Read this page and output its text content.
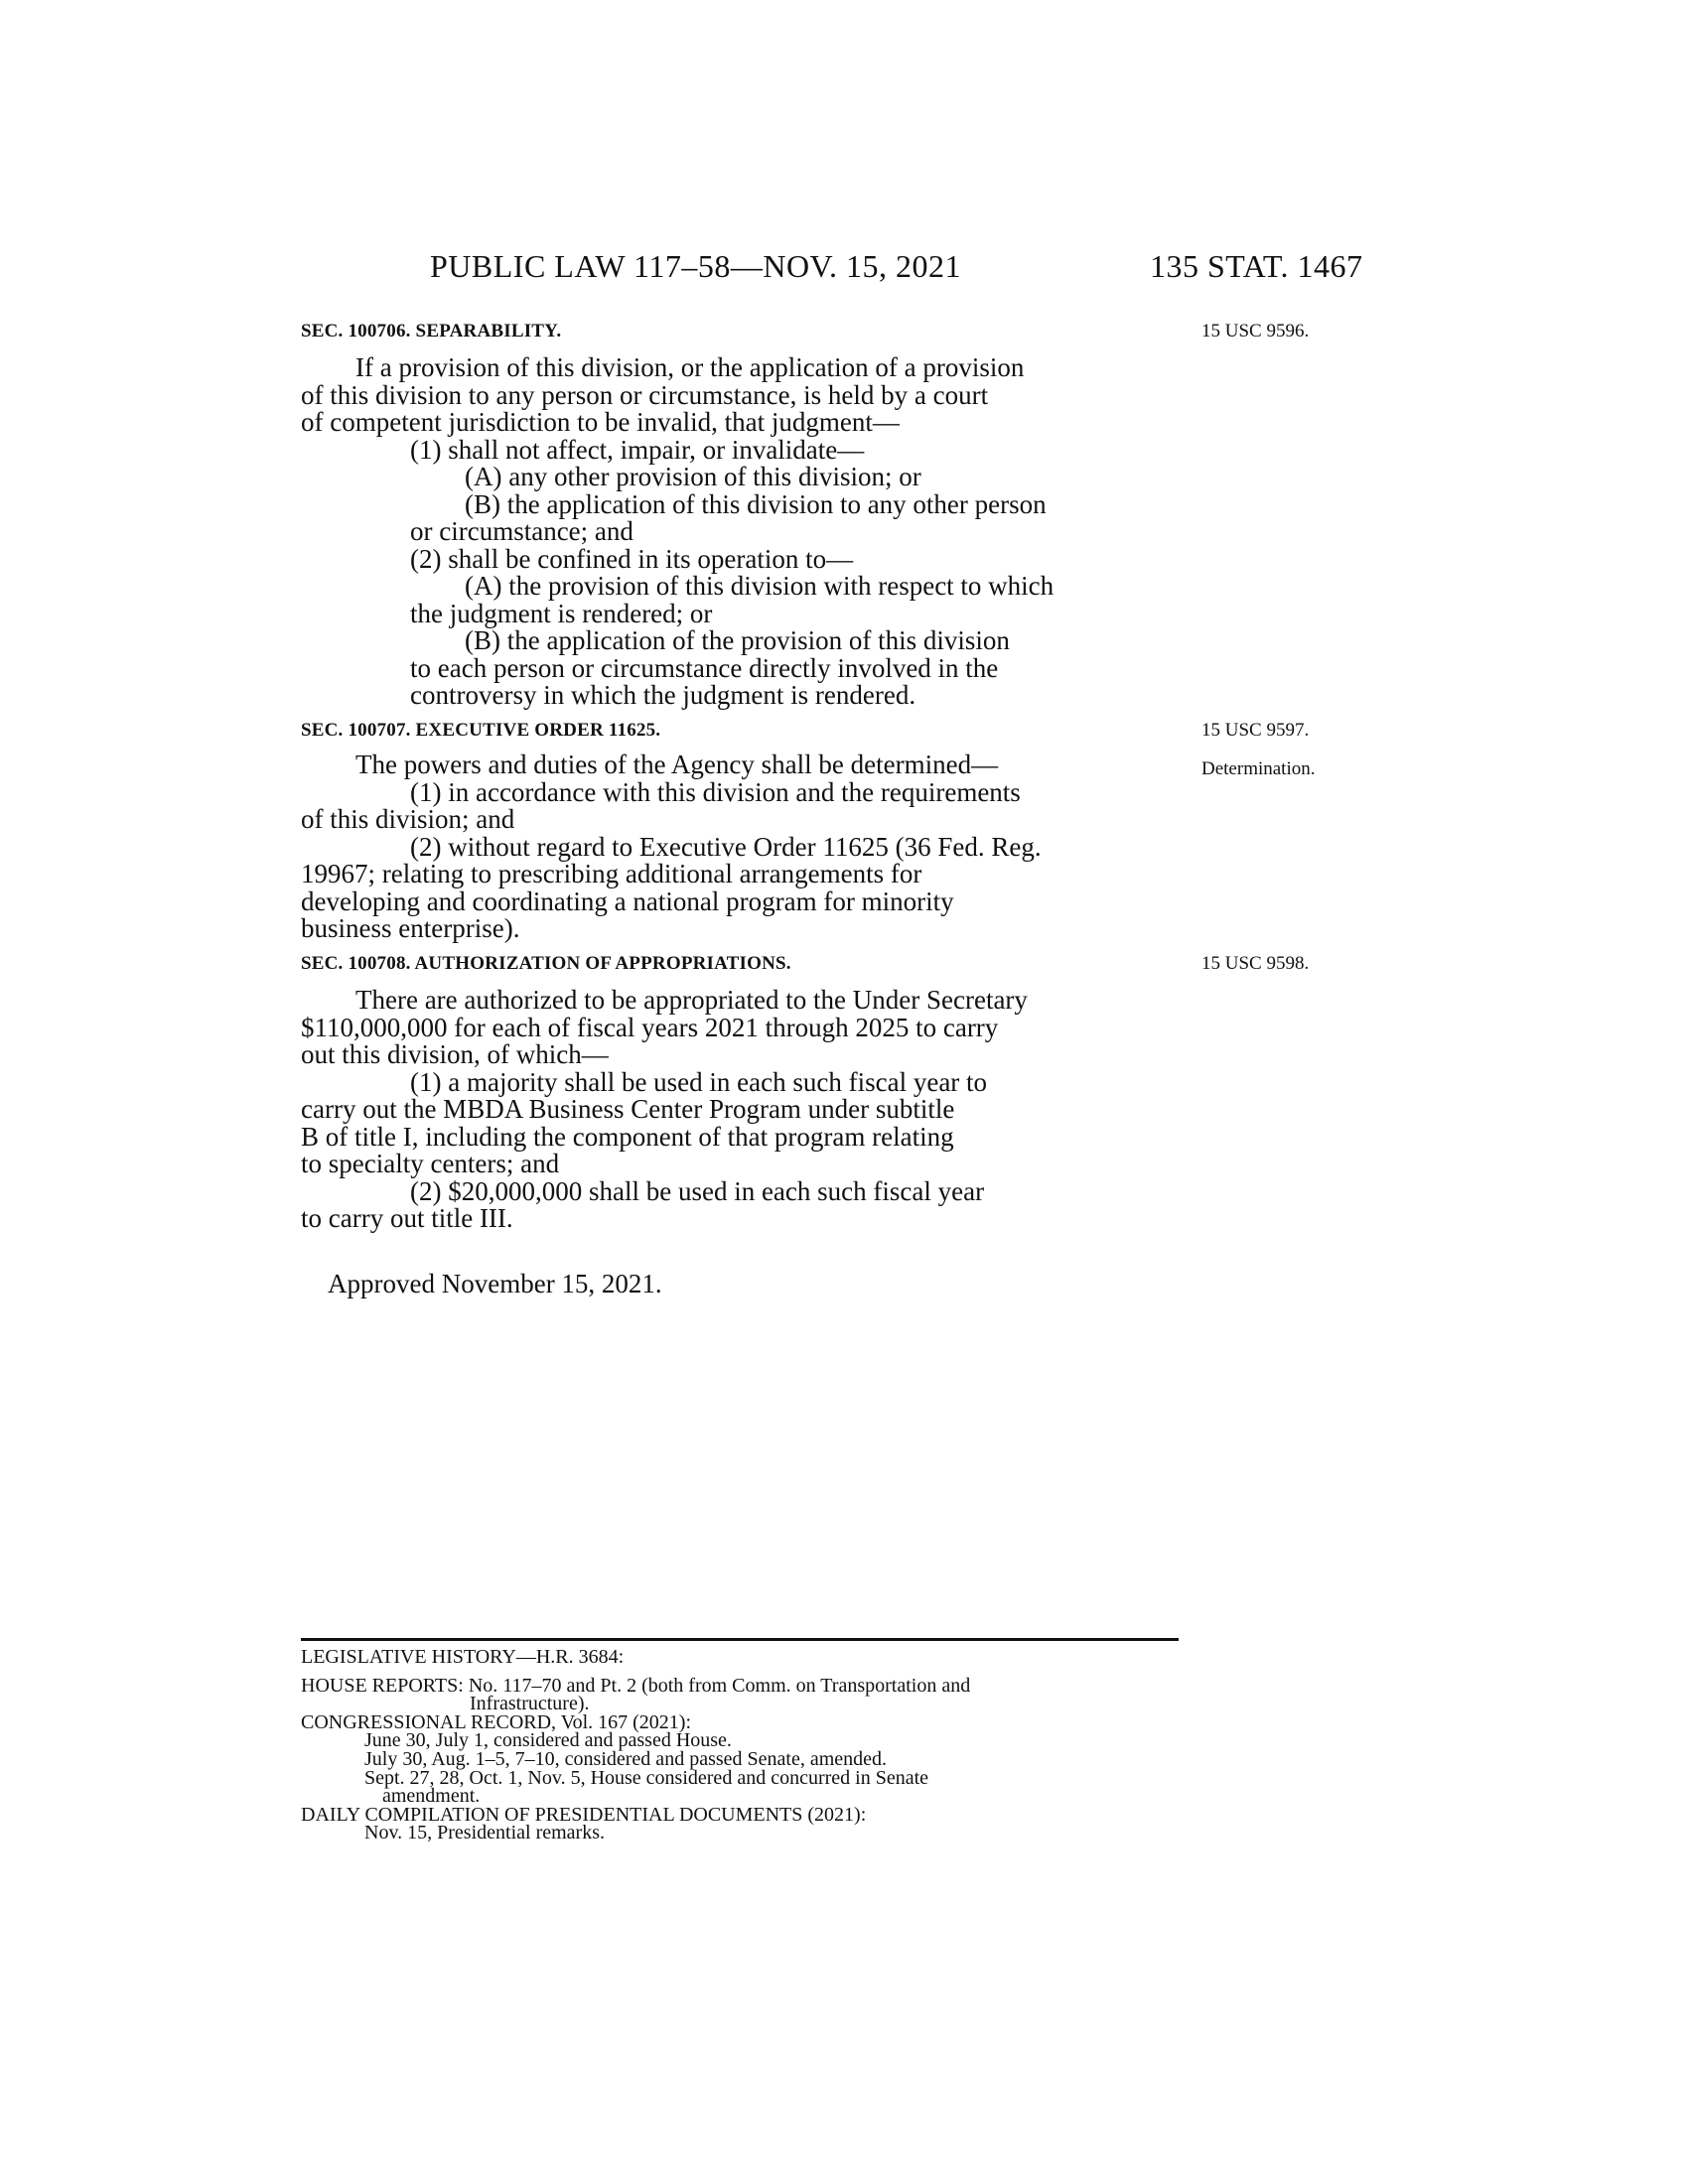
PUBLIC LAW 117–58—NOV. 15, 2021	135 STAT. 1467
SEC. 100706. SEPARABILITY.	15 USC 9596.

If a provision of this division, or the application of a provision

of this division to any person or circumstance, is held by a court

of competent jurisdiction to be invalid, that judgment—

(1) shall not affect, impair, or invalidate—

(A) any other provision of this division; or

(B) the application of this division to any other person

or circumstance; and

(2) shall be confined in its operation to—

(A) the provision of this division with respect to which

the judgment is rendered; or

(B) the application of the provision of this division

to each person or circumstance directly involved in the

controversy in which the judgment is rendered.

SEC. 100707. EXECUTIVE ORDER 11625.	15 USC 9597.
Determination.

The powers and duties of the Agency shall be determined—

(1) in accordance with this division and the requirements

of this division; and

(2) without regard to Executive Order 11625 (36 Fed. Reg.

19967; relating to prescribing additional arrangements for

developing and coordinating a national program for minority

business enterprise).

SEC. 100708. AUTHORIZATION OF APPROPRIATIONS.	15 USC 9598.

There are authorized to be appropriated to the Under Secretary

$110,000,000 for each of fiscal years 2021 through 2025 to carry

out this division, of which—

(1) a majority shall be used in each such fiscal year to

carry out the MBDA Business Center Program under subtitle

B of title I, including the component of that program relating

to specialty centers; and

(2) $20,000,000 shall be used in each such fiscal year

to carry out title III.

Approved November 15, 2021.

LEGISLATIVE HISTORY—H.R. 3684:

HOUSE REPORTS: No. 117–70 and Pt. 2 (both from Comm. on Transportation and

Infrastructure).

CONGRESSIONAL RECORD, Vol. 167 (2021):

June 30, July 1, considered and passed House.

July 30, Aug. 1–5, 7–10, considered and passed Senate, amended.

Sept. 27, 28, Oct. 1, Nov. 5, House considered and concurred in Senate

amendment.

DAILY COMPILATION OF PRESIDENTIAL DOCUMENTS (2021):

Nov. 15, Presidential remarks.
